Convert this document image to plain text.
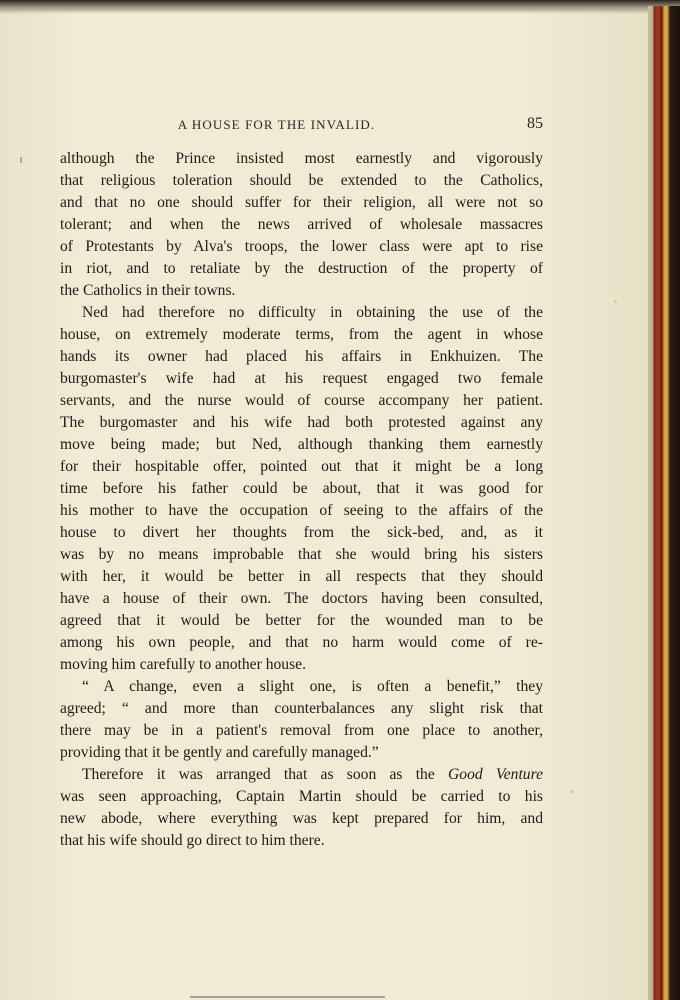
A HOUSE FOR THE INVALID.	85
although the Prince insisted most earnestly and vigorously
that religious toleration should be extended to the Catholics,
and that no one should suffer for their religion, all were not so
tolerant; and when the news arrived of wholesale massacres
of Protestants by Alva's troops, the lower class were apt to rise
in riot, and to retaliate by the destruction of the property of
the Catholics in their towns.
Ned had therefore no difficulty in obtaining the use of the
house, on extremely moderate terms, from the agent in whose
hands its owner had placed his affairs in Enkhuizen. The
burgomaster's wife had at his request engaged two female
servants, and the nurse would of course accompany her patient.
The burgomaster and his wife had both protested against any
move being made; but Ned, although thanking them earnestly
for their hospitable offer, pointed out that it might be a long
time before his father could be about, that it was good for
his mother to have the occupation of seeing to the affairs of the
house to divert her thoughts from the sick-bed, and, as it
was by no means improbable that she would bring his sisters
with her, it would be better in all respects that they should
have a house of their own. The doctors having been consulted,
agreed that it would be better for the wounded man to be
among his own people, and that no harm would come of re-
moving him carefully to another house.
“ A change, even a slight one, is often a benefit,” they
agreed; “ and more than counterbalances any slight risk that
there may be in a patient's removal from one place to another,
providing that it be gently and carefully managed.”
Therefore it was arranged that as soon as the Good Venture
was seen approaching, Captain Martin should be carried to his
new abode, where everything was kept prepared for him, and
that his wife should go direct to him there.
